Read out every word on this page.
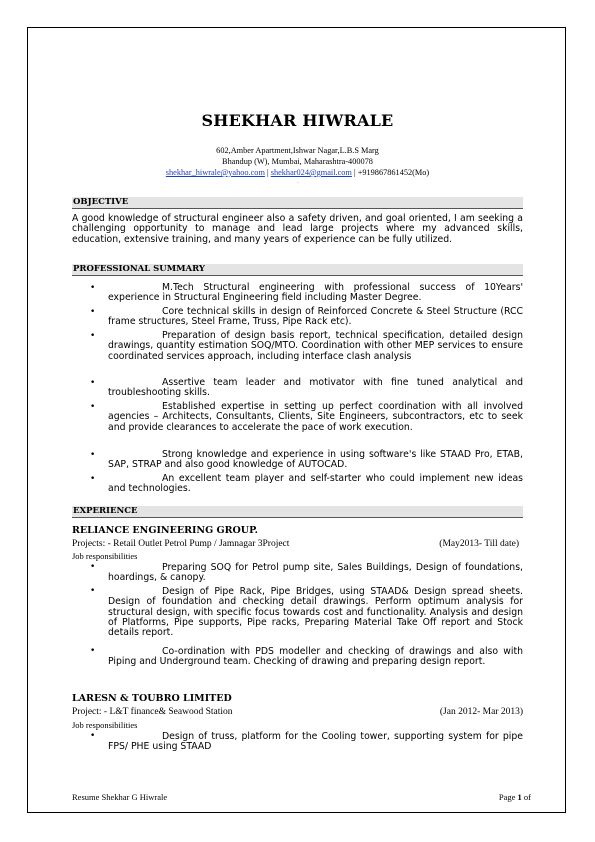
SHEKHAR HIWRALE
602,Amber Apartment,Ishwar Nagar,L.B.S Marg
Bhandup (W), Mumbai, Maharashtra-400078
shekhar_hiwrale@yahoo.com | shekhar024@gmail.com | +919867861452(Mo)
·
OBJECTIVE
A good knowledge of structural engineer also a safety driven, and goal oriented, I am seeking a challenging opportunity to manage and lead large projects where my advanced skills, education, extensive training, and many years of experience can be fully utilized.
PROFESSIONAL SUMMARY
•	M.Tech Structural engineering with professional success of 10Years' experience in Structural Engineering field including Master Degree.
•	Core technical skills in design of Reinforced Concrete & Steel Structure (RCC frame structures, Steel Frame, Truss, Pipe Rack etc).
•	Preparation of design basis report, technical specification, detailed design drawings, quantity estimation SOQ/MTO. Coordination with other MEP services to ensure coordinated services approach, including interface clash analysis
•	Assertive team leader and motivator with fine tuned analytical and troubleshooting skills.
•	Established expertise in setting up perfect coordination with all involved agencies – Architects, Consultants, Clients, Site Engineers, subcontractors, etc to seek and provide clearances to accelerate the pace of work execution.
•	Strong knowledge and experience in using software's like STAAD Pro, ETAB, SAP, STRAP and also good knowledge of AUTOCAD.
•	An excellent team player and self-starter who could implement new ideas and technologies.
EXPERIENCE
RELIANCE ENGINEERING GROUP.
Projects: - Retail Outlet Petrol Pump / Jamnagar 3Project	(May2013- Till date)
Job responsibilities
•	Preparing SOQ for Petrol pump site, Sales Buildings, Design of foundations, hoardings, & canopy.
•	Design of Pipe Rack, Pipe Bridges, using STAAD& Design spread sheets. Design of foundation and checking detail drawings. Perform optimum analysis for structural design, with specific focus towards cost and functionality. Analysis and design of Platforms, Pipe supports, Pipe racks, Preparing Material Take Off report and Stock details report.
•	Co-ordination with PDS modeller and checking of drawings and also with Piping and Underground team. Checking of drawing and preparing design report.
LARESN & TOUBRO LIMITED
Project: - L&T finance& Seawood Station	(Jan 2012- Mar 2013)
Job responsibilities
•	Design of truss, platform for the Cooling tower, supporting system for pipe FPS/ PHE using STAAD
Resume Shekhar G Hiwrale	Page 1 of
